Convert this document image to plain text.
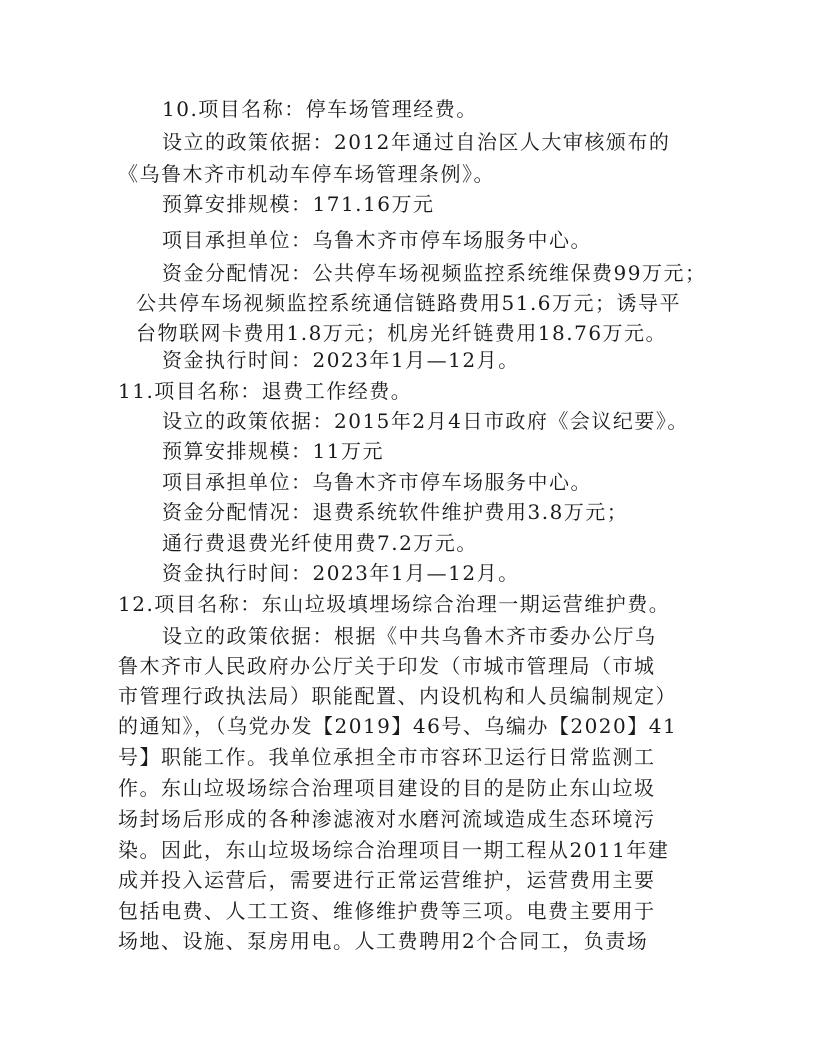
10.项目名称：停车场管理经费。
设立的政策依据：2012年通过自治区人大审核颁布的
《乌鲁木齐市机动车停车场管理条例》。
预算安排规模：171.16万元
项目承担单位：乌鲁木齐市停车场服务中心。
资金分配情况：公共停车场视频监控系统维保费99万元；
公共停车场视频监控系统通信链路费用51.6万元；诱导平
台物联网卡费用1.8万元；机房光纤链费用18.76万元。
资金执行时间：2023年1月—12月。
11.项目名称：退费工作经费。
设立的政策依据：2015年2月4日市政府《会议纪要》。
预算安排规模：11万元
项目承担单位：乌鲁木齐市停车场服务中心。
资金分配情况：退费系统软件维护费用3.8万元；
通行费退费光纤使用费7.2万元。
资金执行时间：2023年1月—12月。
12.项目名称：东山垃圾填埋场综合治理一期运营维护费。
设立的政策依据：根据《中共乌鲁木齐市委办公厅乌
鲁木齐市人民政府办公厅关于印发（市城市管理局（市城
市管理行政执法局）职能配置、内设机构和人员编制规定）
的通知》，（乌党办发【2019】46号、乌编办【2020】41
号】职能工作。我单位承担全市市容环卫运行日常监测工
作。东山垃圾场综合治理项目建设的目的是防止东山垃圾
场封场后形成的各种渗滤液对水磨河流域造成生态环境污
染。因此，东山垃圾场综合治理项目一期工程从2011年建
成并投入运营后，需要进行正常运营维护，运营费用主要
包括电费、人工工资、维修维护费等三项。电费主要用于
场地、设施、泵房用电。人工费聘用2个合同工，负责场
